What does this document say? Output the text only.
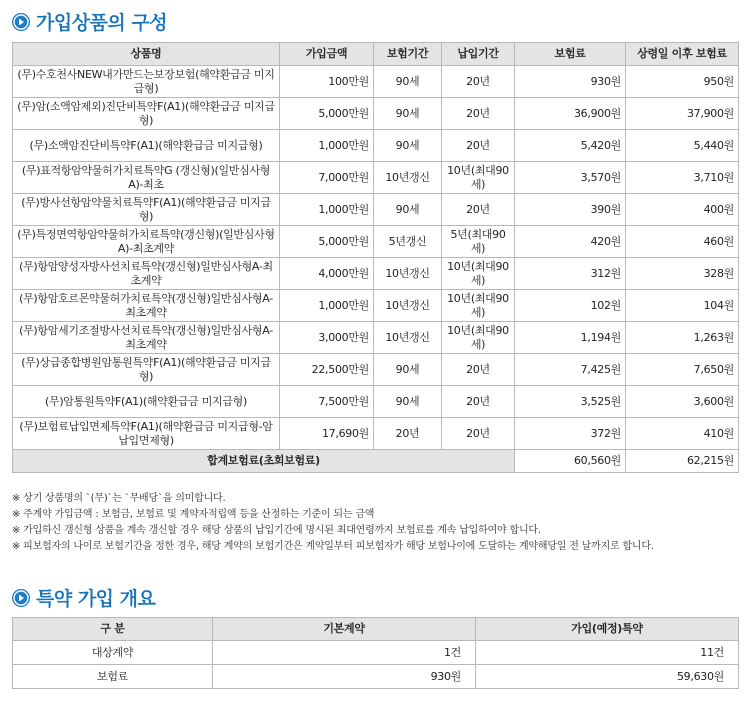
가입상품의 구성
상품명	가입금액	보험기간	납입기간	보험료	상령일 이후 보험료
(무)수호천사NEW내가만드는보장보험(해약환급금 미지급형)	100만원	90세	20년	930원	950원
(무)암(소액암제외)진단비특약F(A1)(해약환급금 미지급형)	5,000만원	90세	20년	36,900원	37,900원
(무)소액암진단비특약F(A1)(해약환급금 미지급형)	1,000만원	90세	20년	5,420원	5,440원
(무)표적항암약물허가치료특약G (갱신형)(일반심사형A)-최초	7,000만원	10년갱신	10년(최대90세)	3,570원	3,710원
(무)방사선항암약물치료특약F(A1)(해약환급금 미지급형)	1,000만원	90세	20년	390원	400원
(무)특정면역항암약물허가치료특약(갱신형)(일반심사형A)-최초계약	5,000만원	5년갱신	5년(최대90세)	420원	460원
(무)항암양성자방사선치료특약(갱신형)일반심사형A-최초계약	4,000만원	10년갱신	10년(최대90세)	312원	328원
(무)항암호르몬약물허가치료특약(갱신형)일반심사형A-최초계약	1,000만원	10년갱신	10년(최대90세)	102원	104원
(무)항암세기조절방사선치료특약(갱신형)일반심사형A-최초계약	3,000만원	10년갱신	10년(최대90세)	1,194원	1,263원
(무)상급종합병원암통원특약F(A1)(해약환급금 미지급형)	22,500만원	90세	20년	7,425원	7,650원
(무)암통원특약F(A1)(해약환급금 미지급형)	7,500만원	90세	20년	3,525원	3,600원
(무)보험료납입면제특약F(A1)(해약환급금 미지급형-암납입면제형)	17,690원	20년	20년	372원	410원
합계보험료(초회보험료)				60,560원	62,215원
※ 상기 상품명의 `(무)`는 `무배당`을 의미합니다.
※ 주계약 가입금액 : 보험금, 보험료 및 계약자적립액 등을 산정하는 기준이 되는 금액
※ 가입하신 갱신형 상품을 계속 갱신할 경우 해당 상품의 납입기간에 명시된 최대연령까지 보험료를 계속 납입하여야 합니다.
※ 피보험자의 나이로 보험기간을 정한 경우, 해당 계약의 보험기간은 계약일부터 피보험자가 해당 보험나이에 도달하는 계약해당일 전 날까지로 합니다.
특약 가입 개요
구 분	기본계약	가입(예정)특약
대상계약	1건	11건
보험료	930원	59,630원
